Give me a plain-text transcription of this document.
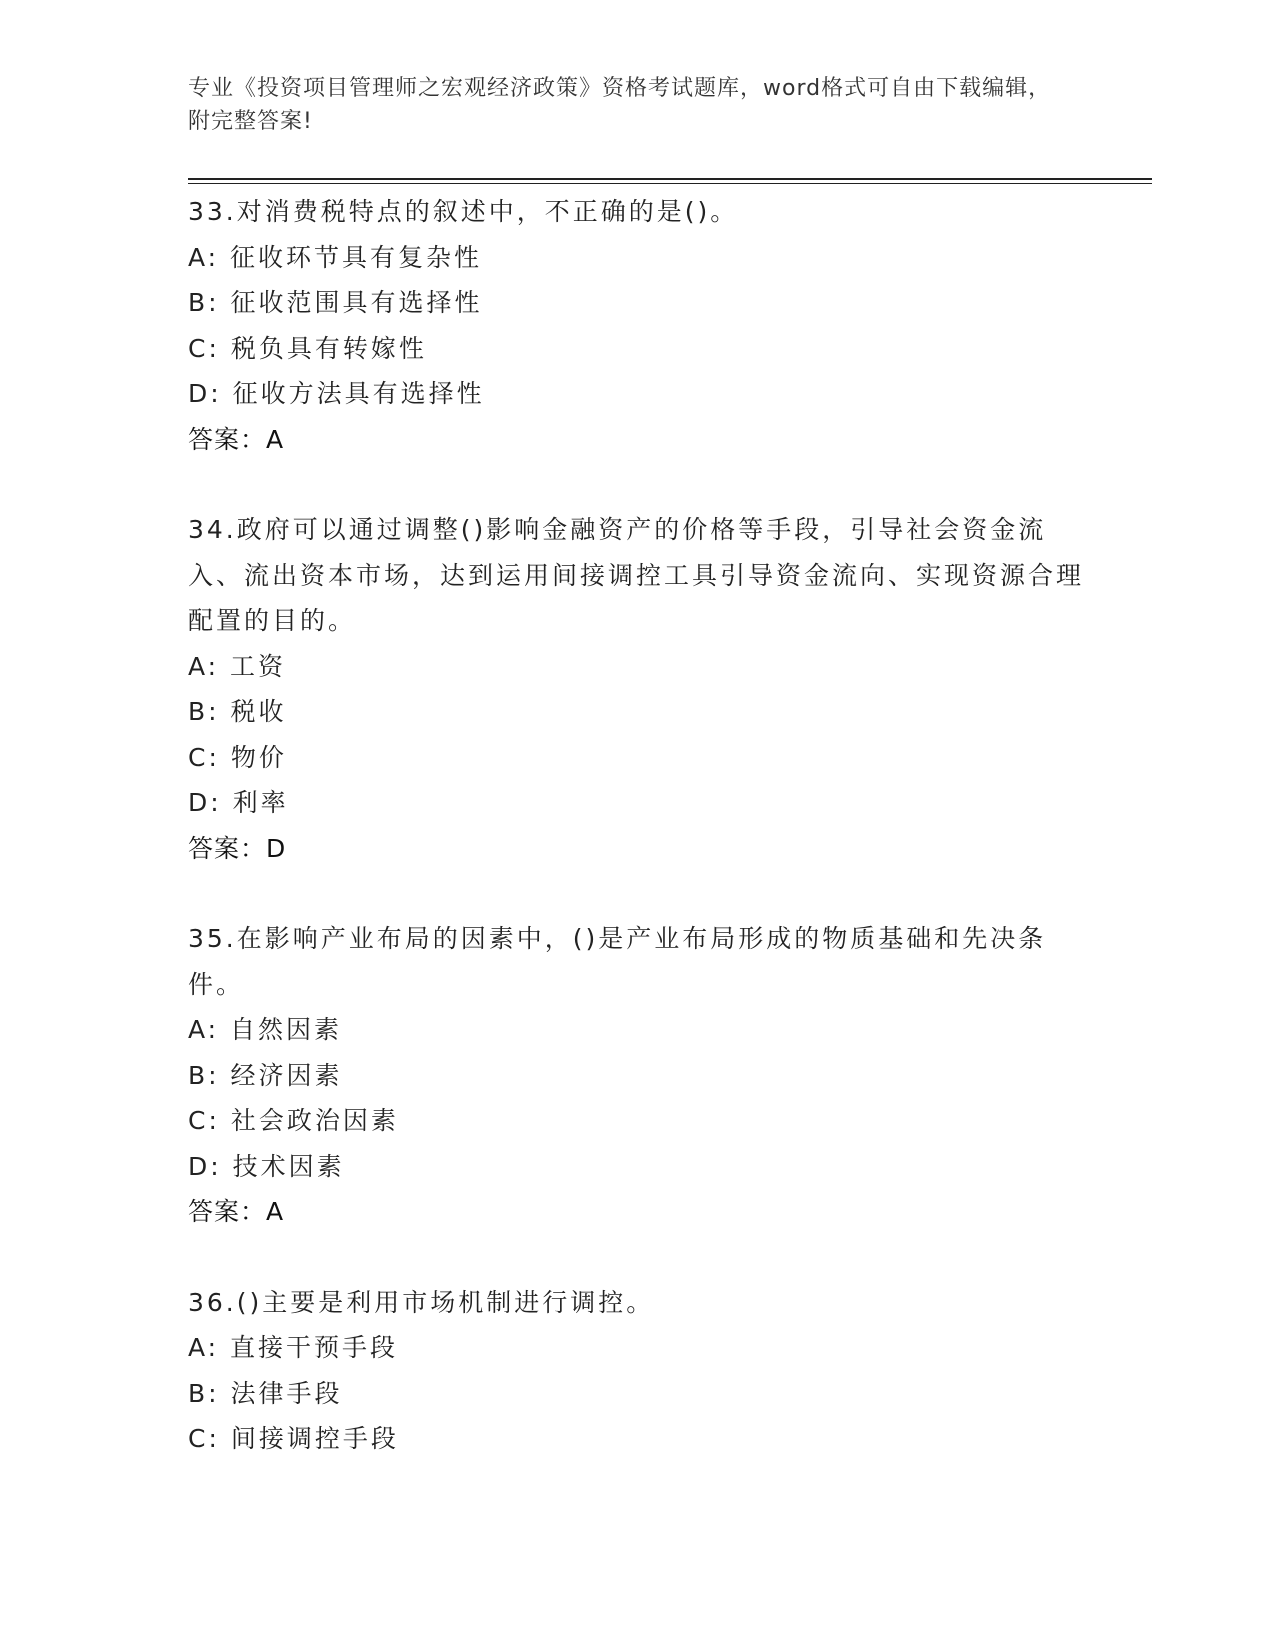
专业《投资项目管理师之宏观经济政策》资格考试题库，word格式可自由下载编辑，附完整答案!

33.对消费税特点的叙述中，不正确的是()。

A: 征收环节具有复杂性

B: 征收范围具有选择性

C: 税负具有转嫁性

D: 征收方法具有选择性

答案：A

34.政府可以通过调整()影响金融资产的价格等手段，引导社会资金流入、流出资本市场，达到运用间接调控工具引导资金流向、实现资源合理配置的目的。

A: 工资

B: 税收

C: 物价

D: 利率

答案：D

35.在影响产业布局的因素中，()是产业布局形成的物质基础和先决条件。

A: 自然因素

B: 经济因素

C: 社会政治因素

D: 技术因素

答案：A

36.()主要是利用市场机制进行调控。

A: 直接干预手段

B: 法律手段

C: 间接调控手段
